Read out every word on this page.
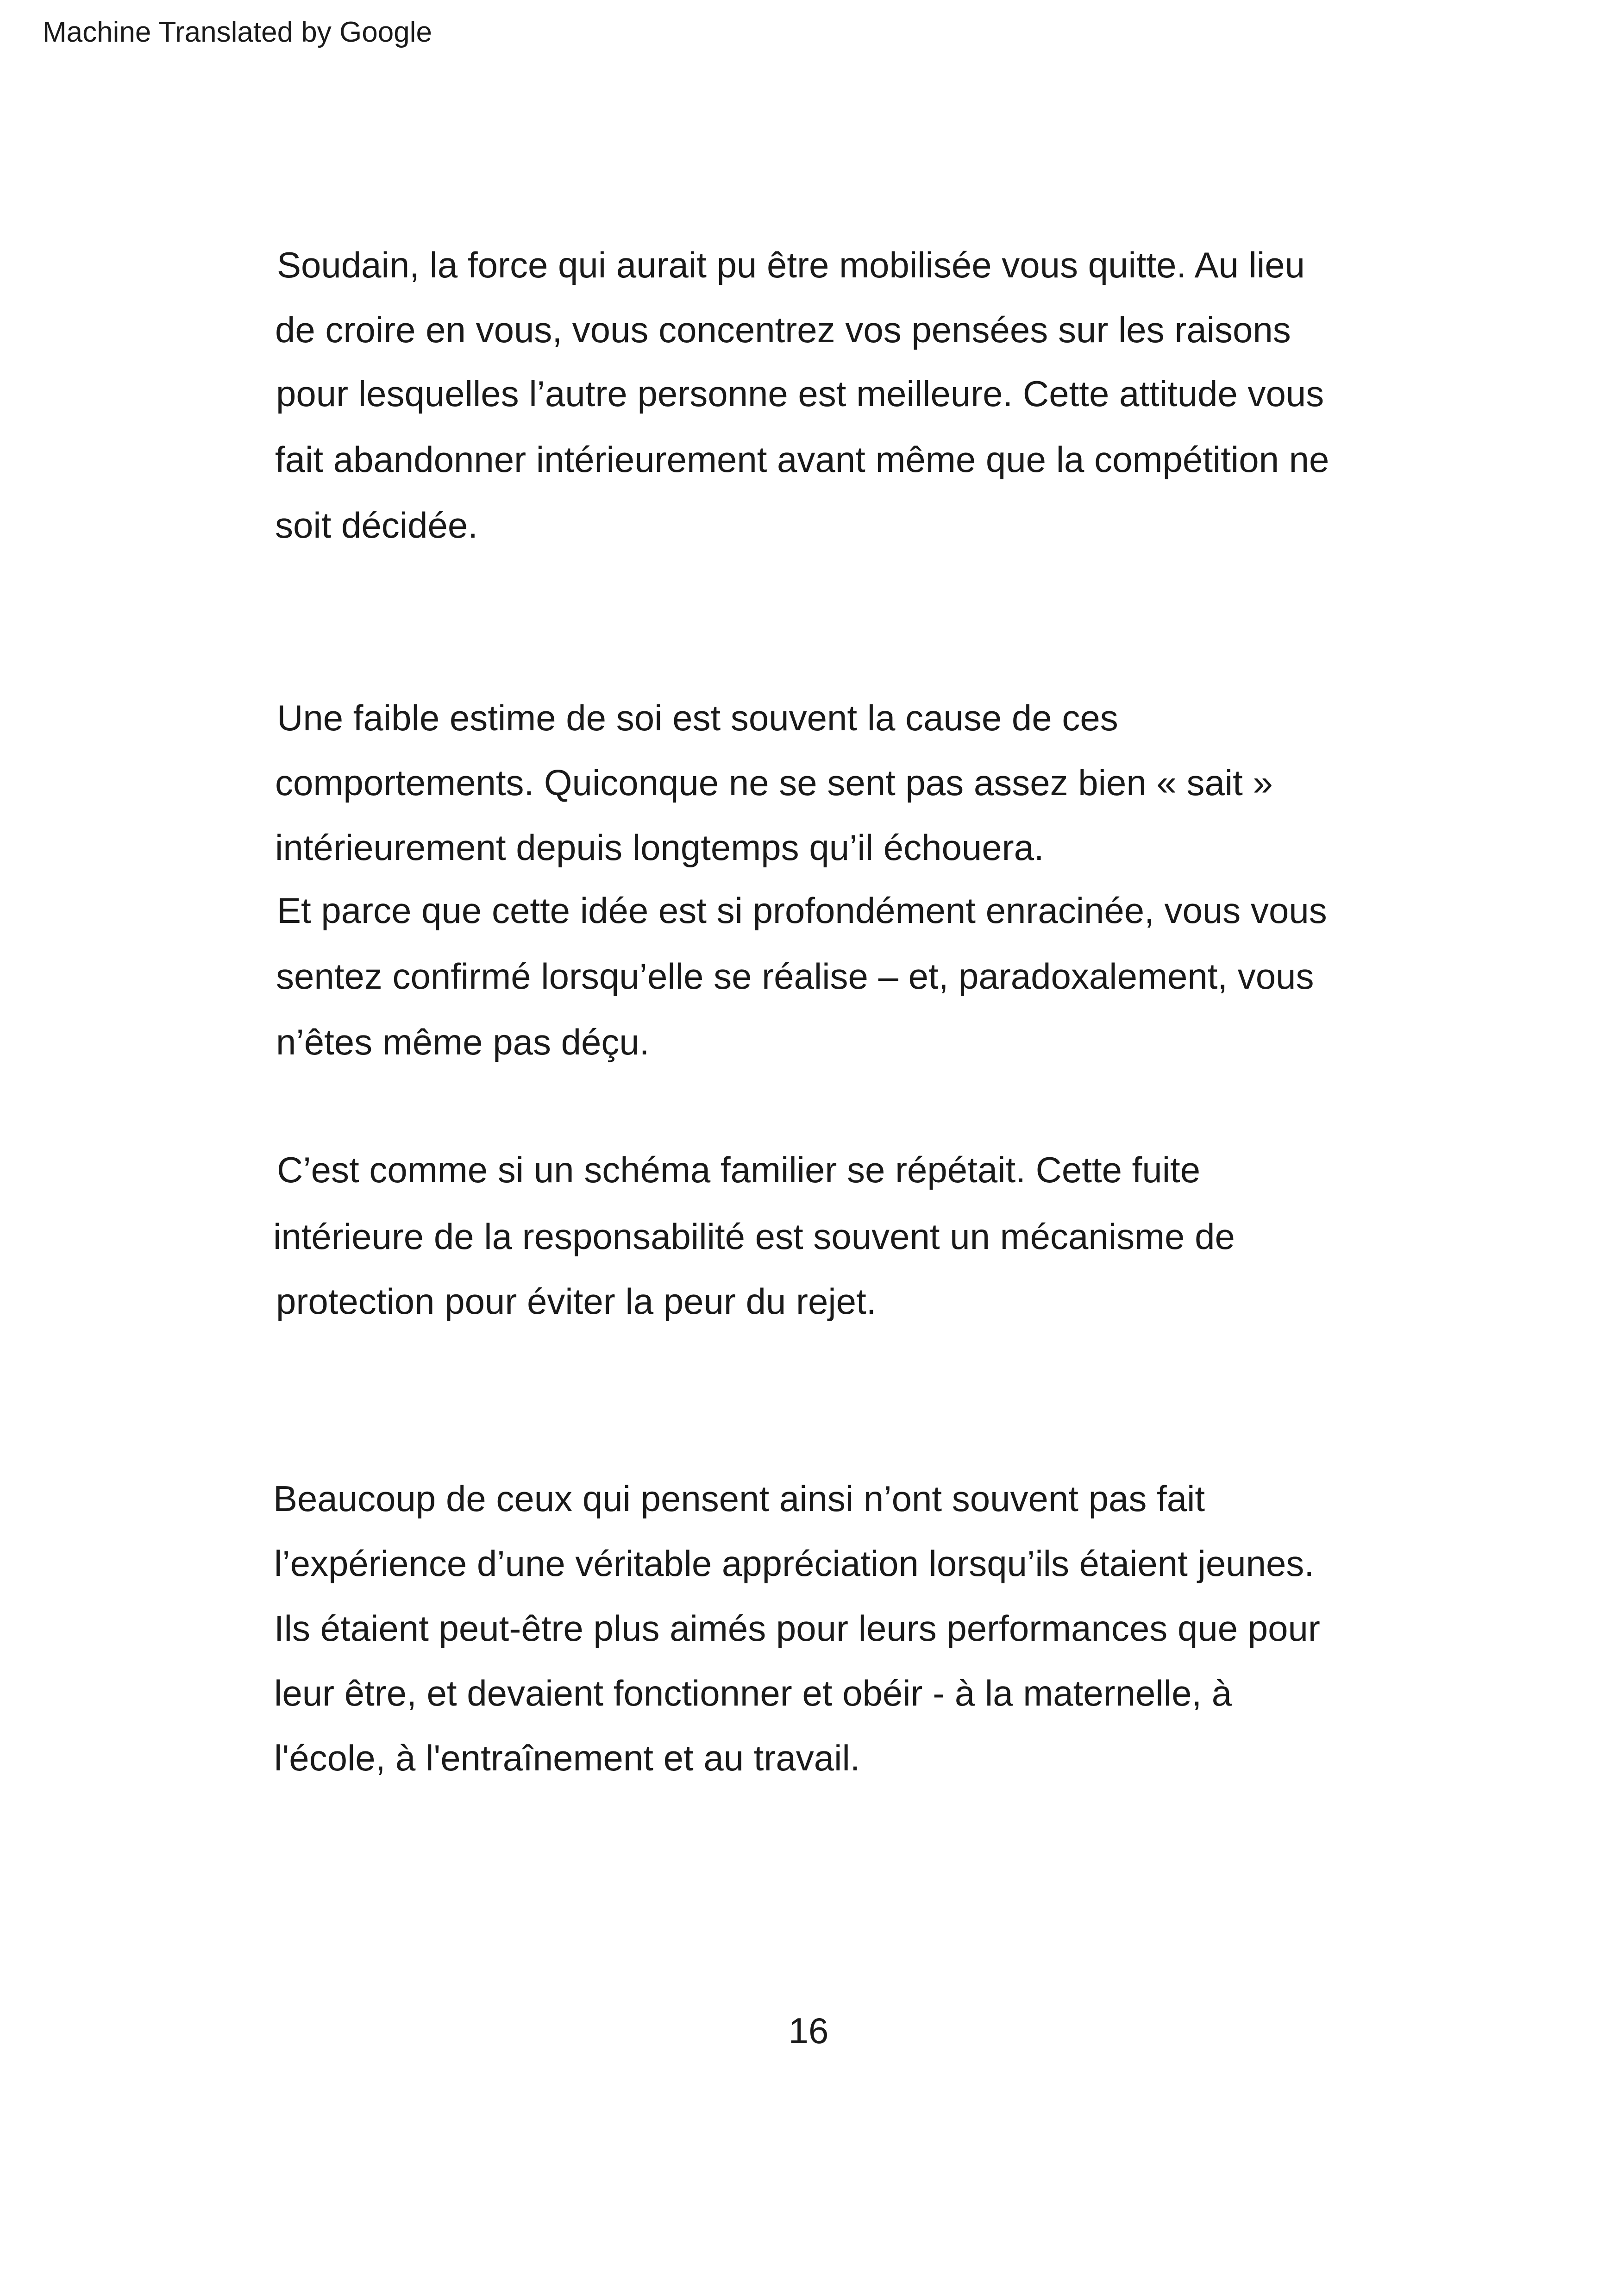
Machine Translated by Google
Soudain, la force qui aurait pu être mobilisée vous quitte. Au lieu
de croire en vous, vous concentrez vos pensées sur les raisons
pour lesquelles l’autre personne est meilleure. Cette attitude vous
fait abandonner intérieurement avant même que la compétition ne
soit décidée.
Une faible estime de soi est souvent la cause de ces
comportements. Quiconque ne se sent pas assez bien « sait »
intérieurement depuis longtemps qu’il échouera.
Et parce que cette idée est si profondément enracinée, vous vous
sentez confirmé lorsqu’elle se réalise – et, paradoxalement, vous
n’êtes même pas déçu.
C’est comme si un schéma familier se répétait. Cette fuite
intérieure de la responsabilité est souvent un mécanisme de
protection pour éviter la peur du rejet.
Beaucoup de ceux qui pensent ainsi n’ont souvent pas fait
l’expérience d’une véritable appréciation lorsqu’ils étaient jeunes.
Ils étaient peut-être plus aimés pour leurs performances que pour
leur être, et devaient fonctionner et obéir - à la maternelle, à
l'école, à l'entraînement et au travail.
16
